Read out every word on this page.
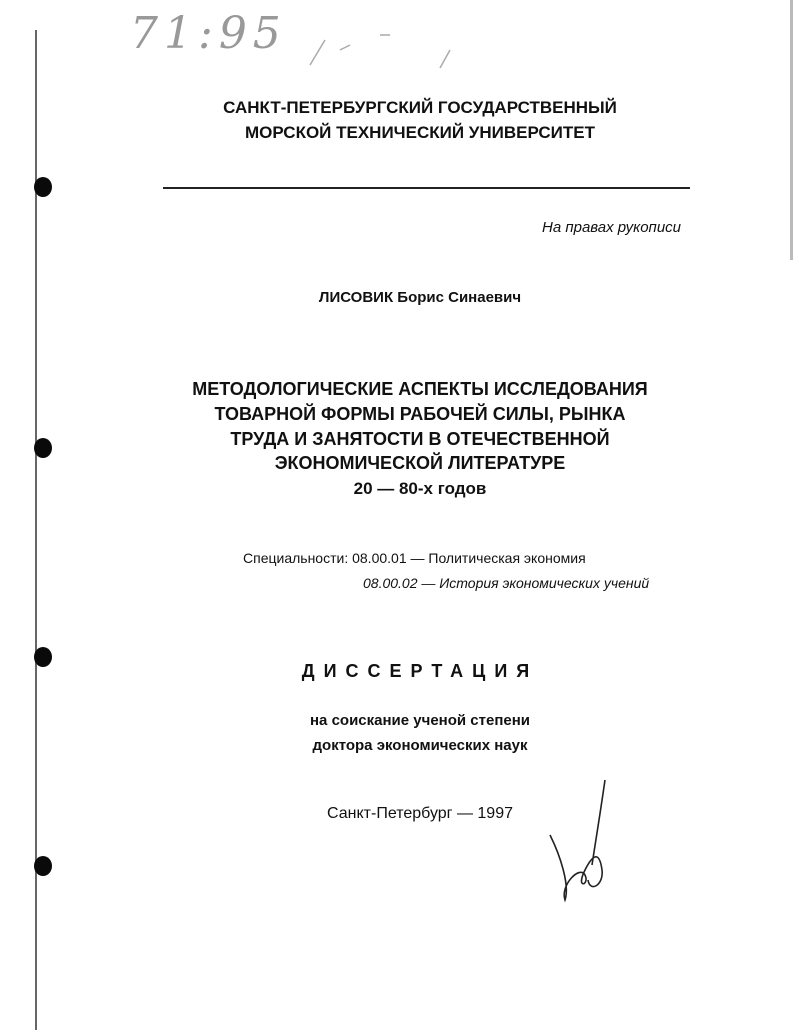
71:95
САНКТ-ПЕТЕРБУРГСКИЙ ГОСУДАРСТВЕННЫЙ
МОРСКОЙ ТЕХНИЧЕСКИЙ УНИВЕРСИТЕТ
На правах рукописи
ЛИСОВИК Борис Синаевич
МЕТОДОЛОГИЧЕСКИЕ АСПЕКТЫ ИССЛЕДОВАНИЯ
ТОВАРНОЙ ФОРМЫ РАБОЧЕЙ СИЛЫ, РЫНКА
ТРУДА И ЗАНЯТОСТИ В ОТЕЧЕСТВЕННОЙ
ЭКОНОМИЧЕСКОЙ ЛИТЕРАТУРЕ
20 — 80-х годов
Специальности: 08.00.01 — Политическая экономия
08.00.02 — История экономических учений
ДИССЕРТАЦИЯ
на соискание ученой степени
доктора экономических наук
Санкт-Петербург — 1997
